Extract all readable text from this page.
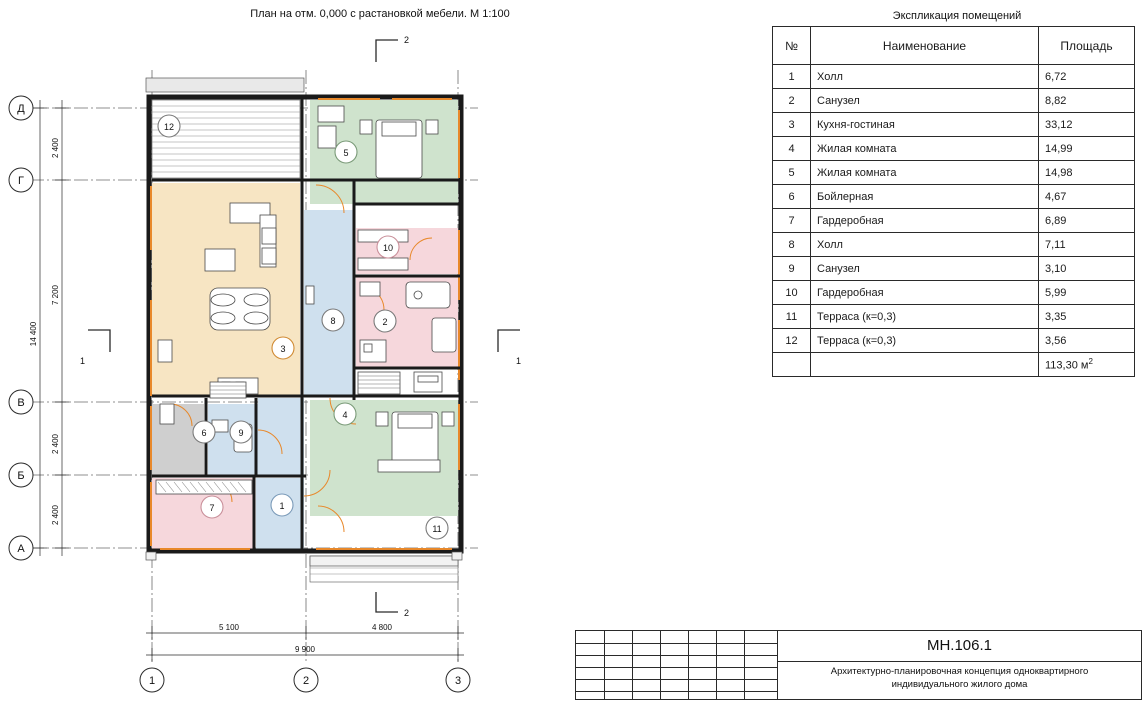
План на отм. 0,000 с растановкой мебели. М 1:100
Д
Г
В
Б
А
1	2	3
2 400
7 200
2 400
2 400
14 400
5 100	4 800
9 900
2
2
1	1
3
8
5
4
10
2
6	9
7	1
11
12
Экспликация помещений
№	Наименование	Площадь
1	Холл	6,72
2	Санузел	8,82
3	Кухня-гостиная	33,12
4	Жилая комната	14,99
5	Жилая комната	14,98
6	Бойлерная	4,67
7	Гардеробная	6,89
8	Холл	7,11
9	Санузел	3,10
10	Гардеробная	5,99
11	Терраса (к=0,3)	3,35
12	Терраса (к=0,3)	3,56
		113,30 $м^2$
МН.106.1
Архитектурно-планировочная концепция одноквартирного
индивидуального жилого дома
